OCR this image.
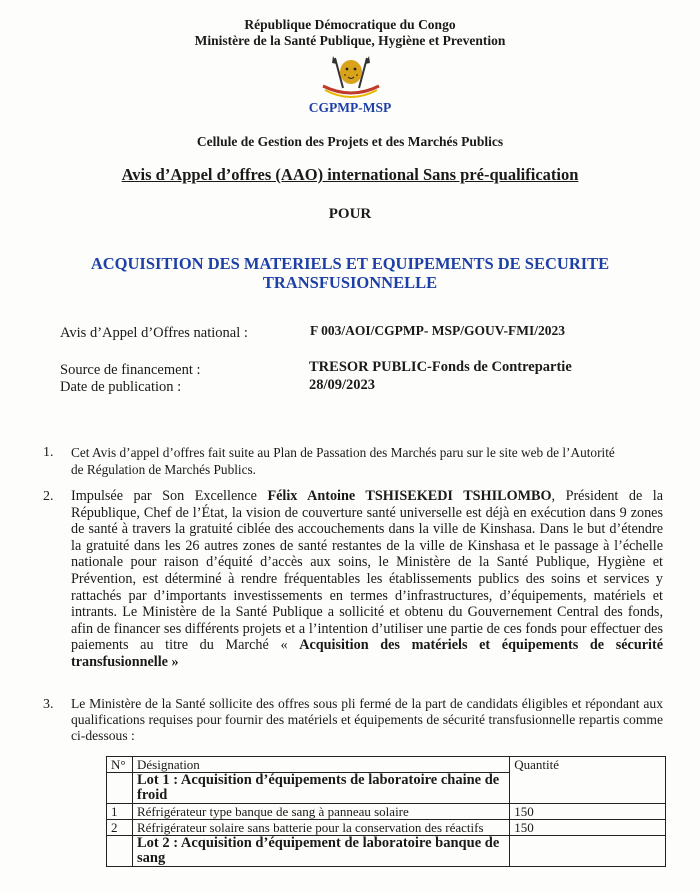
République Démocratique du Congo
Ministère de la Santé Publique, Hygiène et Prevention
CGPMP-MSP
Cellule de Gestion des Projets et des Marchés Publics
Avis d’Appel d’offres (AAO) international Sans pré-qualification
POUR
ACQUISITION DES MATERIELS ET EQUIPEMENTS DE SECURITE
TRANSFUSIONNELLE
Avis d’Appel d’Offres national :	F 003/AOI/CGPMP- MSP/GOUV-FMI/2023
Source de financement :	TRESOR PUBLIC-Fonds de Contrepartie
Date de publication :	28/09/2023
1. Cet Avis d’appel d’offres fait suite au Plan de Passation des Marchés paru sur le site web de l’Autorité
de Régulation de Marchés Publics.
2. Impulsée par Son Excellence Félix Antoine TSHISEKEDI TSHILOMBO, Président de la République, Chef de l’État, la vision de couverture santé universelle est déjà en exécution dans 9 zones de santé à travers la gratuité ciblée des accouchements dans la ville de Kinshasa. Dans le but d’étendre la gratuité dans les 26 autres zones de santé restantes de la ville de Kinshasa et le passage à l’échelle nationale pour raison d’équité d’accès aux soins, le Ministère de la Santé Publique, Hygiène et Prévention, est déterminé à rendre fréquentables les établissements publics des soins et services y rattachés par d’importants investissements en termes d’infrastructures, d’équipements, matériels et intrants. Le Ministère de la Santé Publique a sollicité et obtenu du Gouvernement Central des fonds, afin de financer ses différents projets et a l’intention d’utiliser une partie de ces fonds pour effectuer des paiements au titre du Marché « Acquisition des matériels et équipements de sécurité transfusionnelle »
3. Le Ministère de la Santé sollicite des offres sous pli fermé de la part de candidats éligibles et répondant aux qualifications requises pour fournir des matériels et équipements de sécurité transfusionnelle repartis comme ci-dessous :
N°	Désignation	Quantité
	Lot 1 : Acquisition d’équipements de laboratoire chaine de froid	
1	Réfrigérateur type banque de sang à panneau solaire	150
2	Réfrigérateur solaire sans batterie pour la conservation des réactifs	150
	Lot 2 : Acquisition d’équipement de laboratoire banque de sang	
